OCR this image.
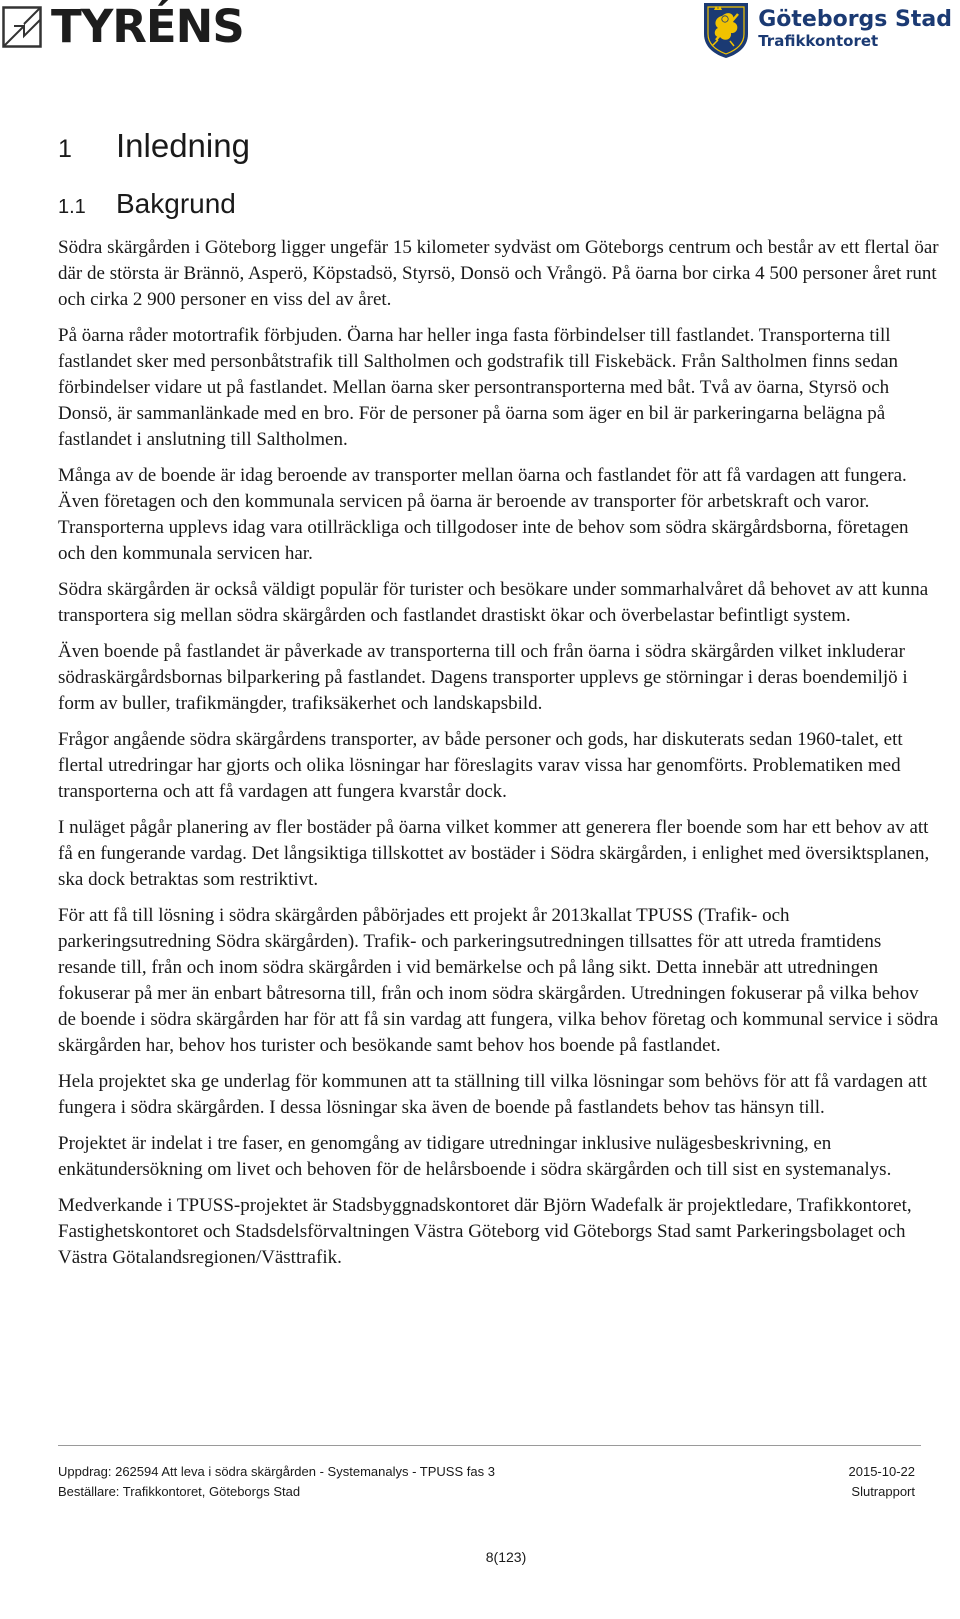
TYRÉNS	Göteborgs Stad
Trafikkontoret
1 Inledning
1.1 Bakgrund

Södra skärgården i Göteborg ligger ungefär 15 kilometer sydväst om Göteborgs centrum och består av ett flertal öar där de största är Brännö, Asperö, Köpstadsö, Styrsö, Donsö och Vrångö. På öarna bor cirka 4 500 personer året runt och cirka 2 900 personer en viss del av året.

På öarna råder motortrafik förbjuden. Öarna har heller inga fasta förbindelser till fastlandet. Transporterna till fastlandet sker med personbåtstrafik till Saltholmen och godstrafik till Fiskebäck. Från Saltholmen finns sedan förbindelser vidare ut på fastlandet. Mellan öarna sker persontransporterna med båt. Två av öarna, Styrsö och Donsö, är sammanlänkade med en bro. För de personer på öarna som äger en bil är parkeringarna belägna på fastlandet i anslutning till Saltholmen.

Många av de boende är idag beroende av transporter mellan öarna och fastlandet för att få vardagen att fungera. Även företagen och den kommunala servicen på öarna är beroende av transporter för arbetskraft och varor. Transporterna upplevs idag vara otillräckliga och tillgodoser inte de behov som södra skärgårdsborna, företagen och den kommunala servicen har.

Södra skärgården är också väldigt populär för turister och besökare under sommarhalvåret då behovet av att kunna transportera sig mellan södra skärgården och fastlandet drastiskt ökar och överbelastar befintligt system.

Även boende på fastlandet är påverkade av transporterna till och från öarna i södra skärgården vilket inkluderar södraskärgårdsbornas bilparkering på fastlandet. Dagens transporter upplevs ge störningar i deras boendemiljö i form av buller, trafikmängder, trafiksäkerhet och landskapsbild.

Frågor angående södra skärgårdens transporter, av både personer och gods, har diskuterats sedan 1960-talet, ett flertal utredringar har gjorts och olika lösningar har föreslagits varav vissa har genomförts. Problematiken med transporterna och att få vardagen att fungera kvarstår dock.

I nuläget pågår planering av fler bostäder på öarna vilket kommer att generera fler boende som har ett behov av att få en fungerande vardag. Det långsiktiga tillskottet av bostäder i Södra skärgården, i enlighet med översiktsplanen, ska dock betraktas som restriktivt.

För att få till lösning i södra skärgården påbörjades ett projekt år 2013kallat TPUSS (Trafik- och parkeringsutredning Södra skärgården). Trafik- och parkeringsutredningen tillsattes för att utreda framtidens resande till, från och inom södra skärgården i vid bemärkelse och på lång sikt. Detta innebär att utredningen fokuserar på mer än enbart båtresorna till, från och inom södra skärgården. Utredningen fokuserar på vilka behov de boende i södra skärgården har för att få sin vardag att fungera, vilka behov företag och kommunal service i södra skärgården har, behov hos turister och besökande samt behov hos boende på fastlandet.

Hela projektet ska ge underlag för kommunen att ta ställning till vilka lösningar som behövs för att få vardagen att fungera i södra skärgården. I dessa lösningar ska även de boende på fastlandets behov tas hänsyn till.

Projektet är indelat i tre faser, en genomgång av tidigare utredningar inklusive nulägesbeskrivning, en enkätundersökning om livet och behoven för de helårsboende i södra skärgården och till sist en systemanalys.

Medverkande i TPUSS-projektet är Stadsbyggnadskontoret där Björn Wadefalk är projektledare, Trafikkontoret, Fastighetskontoret och Stadsdelsförvaltningen Västra Göteborg vid Göteborgs Stad samt Parkeringsbolaget och Västra Götalandsregionen/Västtrafik.

Uppdrag: 262594 Att leva i södra skärgården - Systemanalys - TPUSS fas 3	2015-10-22
Beställare: Trafikkontoret, Göteborgs Stad	Slutrapport
8(123)
